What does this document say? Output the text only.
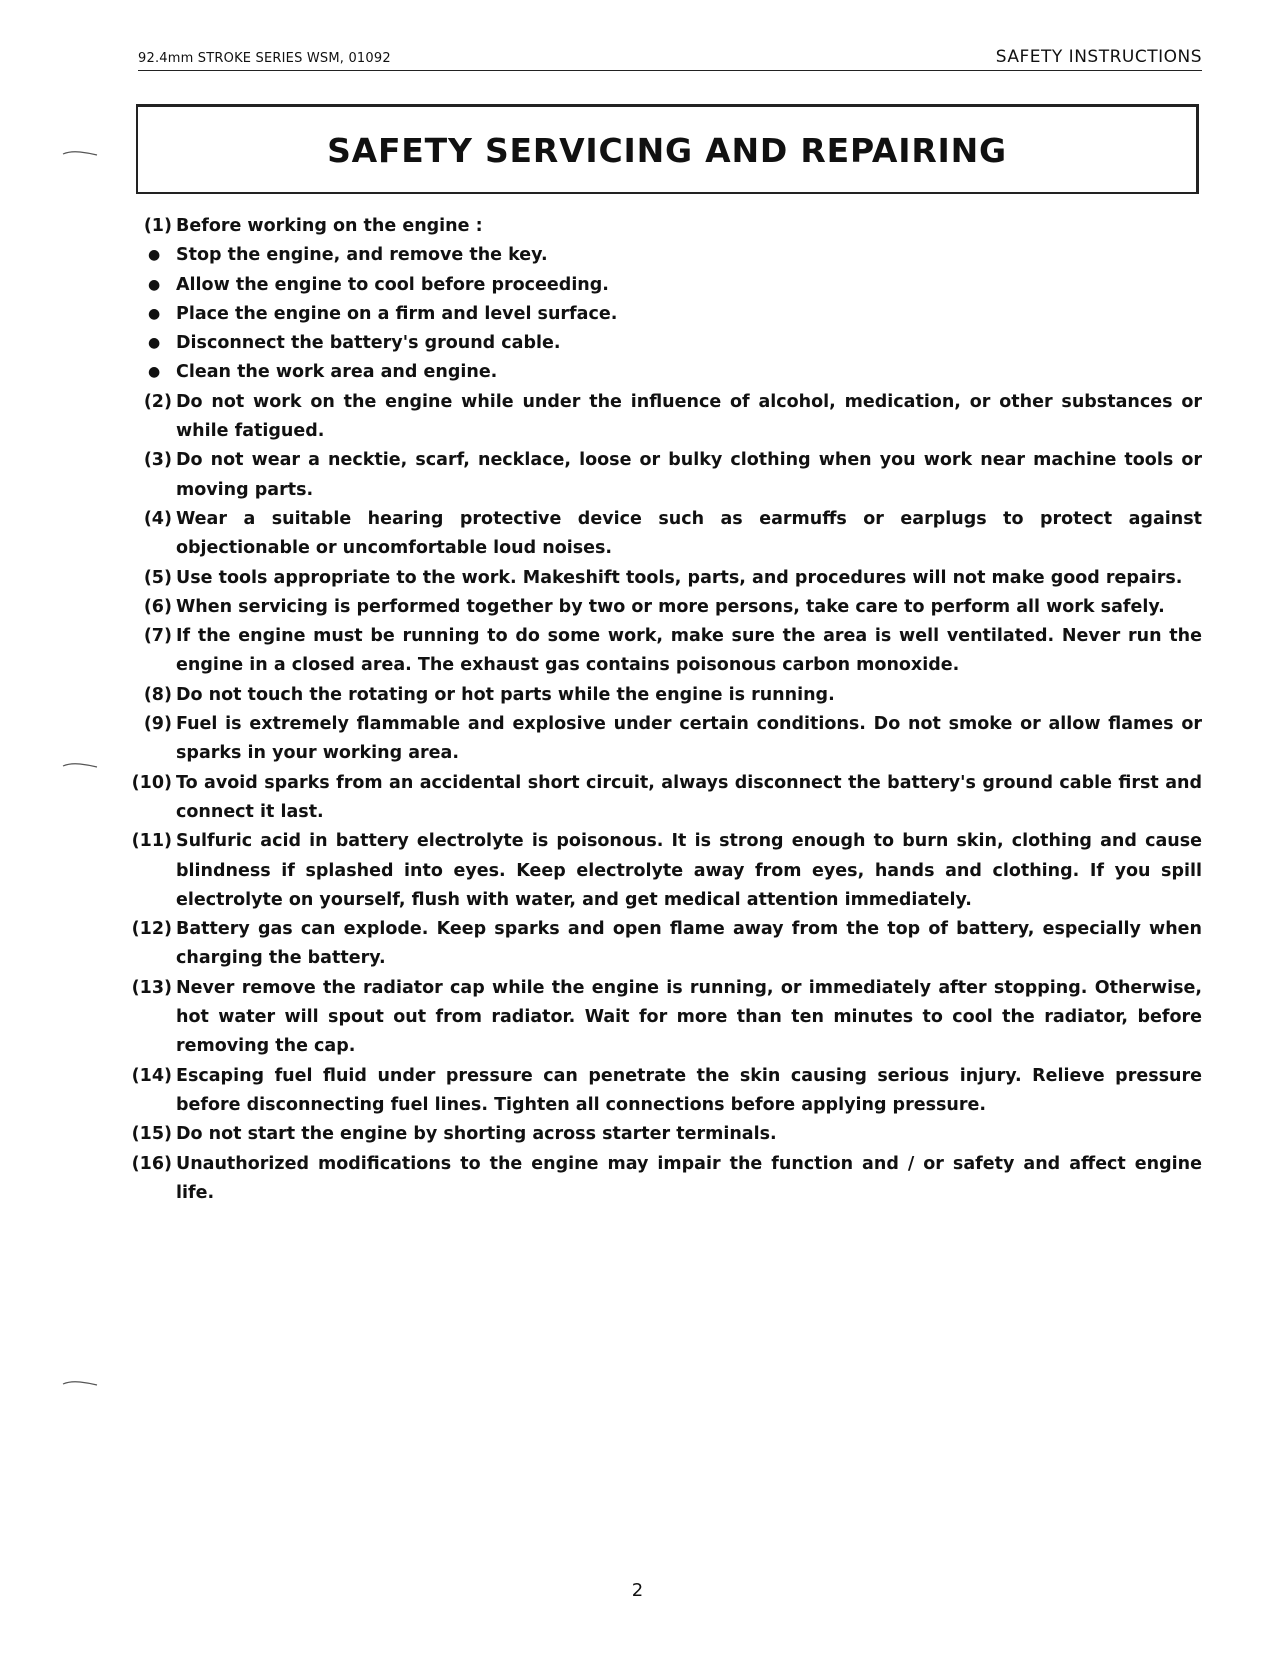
92.4mm STROKE SERIES WSM, 01092	SAFETY INSTRUCTIONS
SAFETY SERVICING AND REPAIRING
(1) Before working on the engine :
● Stop the engine, and remove the key.
● Allow the engine to cool before proceeding.
● Place the engine on a firm and level surface.
● Disconnect the battery's ground cable.
● Clean the work area and engine.
(2) Do not work on the engine while under the influence of alcohol, medication, or other substances or while fatigued.
(3) Do not wear a necktie, scarf, necklace, loose or bulky clothing when you work near machine tools or moving parts.
(4) Wear a suitable hearing protective device such as earmuffs or earplugs to protect against objectionable or uncomfortable loud noises.
(5) Use tools appropriate to the work. Makeshift tools, parts, and procedures will not make good repairs.
(6) When servicing is performed together by two or more persons, take care to perform all work safely.
(7) If the engine must be running to do some work, make sure the area is well ventilated. Never run the engine in a closed area. The exhaust gas contains poisonous carbon monoxide.
(8) Do not touch the rotating or hot parts while the engine is running.
(9) Fuel is extremely flammable and explosive under certain conditions. Do not smoke or allow flames or sparks in your working area.
(10) To avoid sparks from an accidental short circuit, always disconnect the battery's ground cable first and connect it last.
(11) Sulfuric acid in battery electrolyte is poisonous. It is strong enough to burn skin, clothing and cause blindness if splashed into eyes. Keep electrolyte away from eyes, hands and clothing. If you spill electrolyte on yourself, flush with water, and get medical attention immediately.
(12) Battery gas can explode. Keep sparks and open flame away from the top of battery, especially when charging the battery.
(13) Never remove the radiator cap while the engine is running, or immediately after stopping. Otherwise, hot water will spout out from radiator. Wait for more than ten minutes to cool the radiator, before removing the cap.
(14) Escaping fuel fluid under pressure can penetrate the skin causing serious injury. Relieve pressure before disconnecting fuel lines. Tighten all connections before applying pressure.
(15) Do not start the engine by shorting across starter terminals.
(16) Unauthorized modifications to the engine may impair the function and / or safety and affect engine life.
2
